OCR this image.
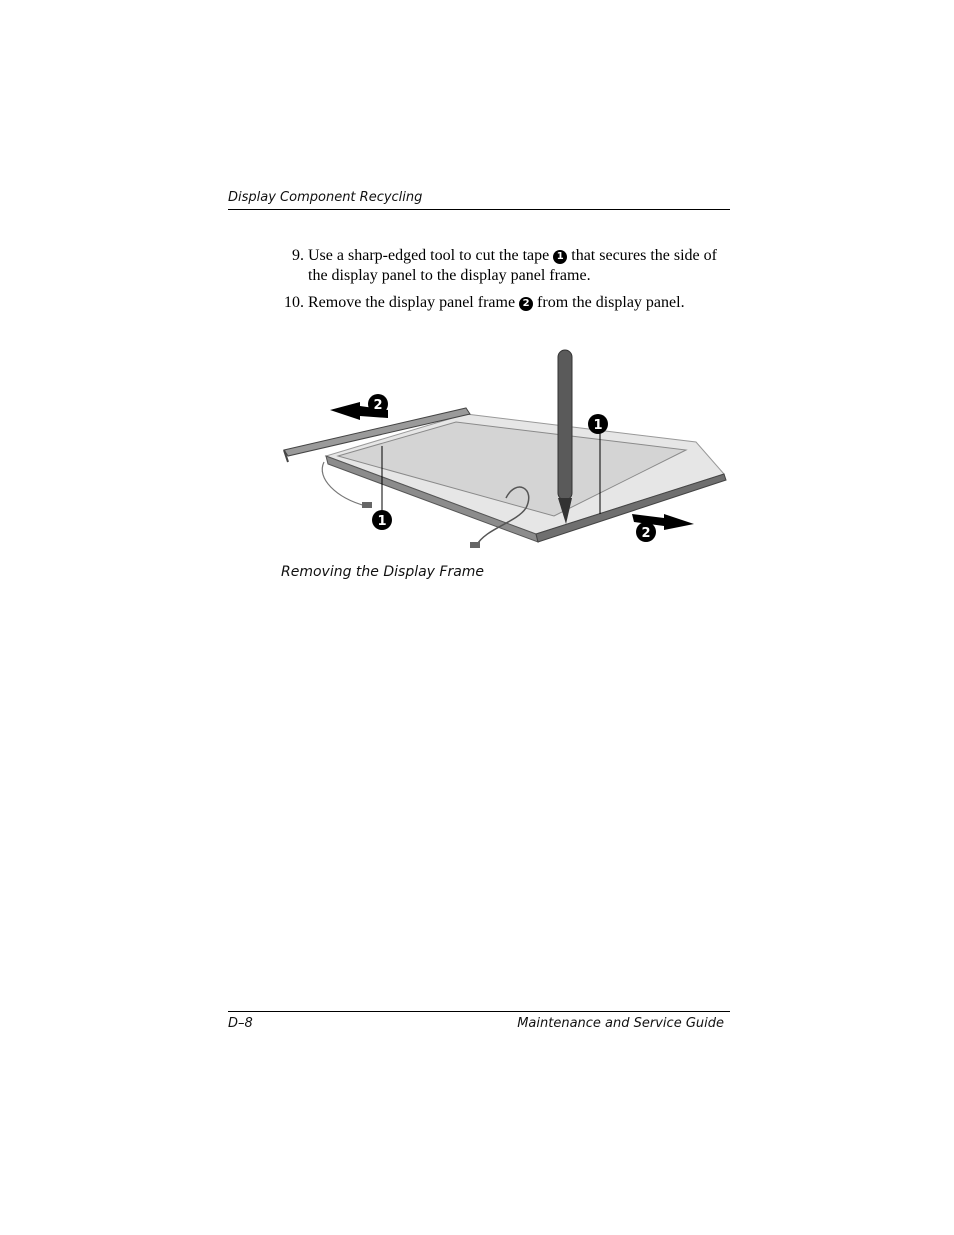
Display Component Recycling
9. Use a sharp-edged tool to cut the tape 1 that secures the side of the display panel to the display panel frame.
10. Remove the display panel frame 2 from the display panel.
2
1
1
2
Removing the Display Frame
D–8	Maintenance and Service Guide
